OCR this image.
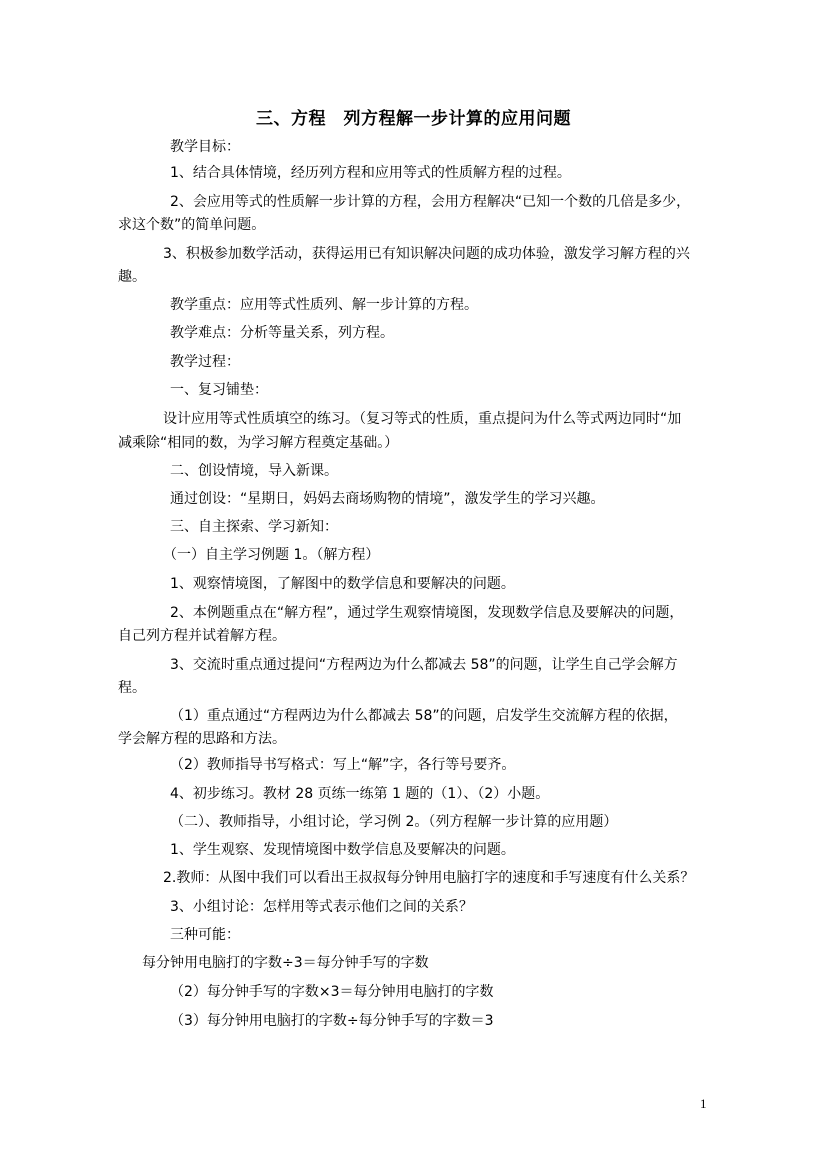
三、方程　列方程解一步计算的应用问题
教学目标：
1、结合具体情境，经历列方程和应用等式的性质解方程的过程。
2、会应用等式的性质解一步计算的方程，会用方程解决“已知一个数的几倍是多少，
求这个数”的简单问题。
3、积极参加数学活动，获得运用已有知识解决问题的成功体验，激发学习解方程的兴
趣。
教学重点：应用等式性质列、解一步计算的方程。
教学难点：分析等量关系，列方程。
教学过程：
一、复习铺垫：
设计应用等式性质填空的练习。（复习等式的性质，重点提问为什么等式两边同时“加
减乘除“相同的数，为学习解方程奠定基础。）
二、创设情境，导入新课。
通过创设：“星期日，妈妈去商场购物的情境”，激发学生的学习兴趣。
三、自主探索、学习新知：
（一）自主学习例题 1。（解方程）
1、观察情境图，了解图中的数学信息和要解决的问题。
2、本例题重点在“解方程”，通过学生观察情境图，发现数学信息及要解决的问题，
自己列方程并试着解方程。
3、交流时重点通过提问“方程两边为什么都减去 58”的问题，让学生自己学会解方
程。
（1）重点通过“方程两边为什么都减去 58”的问题，启发学生交流解方程的依据，
学会解方程的思路和方法。
（2）教师指导书写格式：写上“解”字，各行等号要齐。
4、初步练习。教材 28 页练一练第 1 题的（1）、（2）小题。
（二）、教师指导，小组讨论，学习例 2。（列方程解一步计算的应用题）
1、学生观察、发现情境图中数学信息及要解决的问题。
2.教师：从图中我们可以看出王叔叔每分钟用电脑打字的速度和手写速度有什么关系？
3、小组讨论：怎样用等式表示他们之间的关系？
三种可能：
每分钟用电脑打的字数÷3＝每分钟手写的字数
（2）每分钟手写的字数×3＝每分钟用电脑打的字数
（3）每分钟用电脑打的字数÷每分钟手写的字数＝3
1
